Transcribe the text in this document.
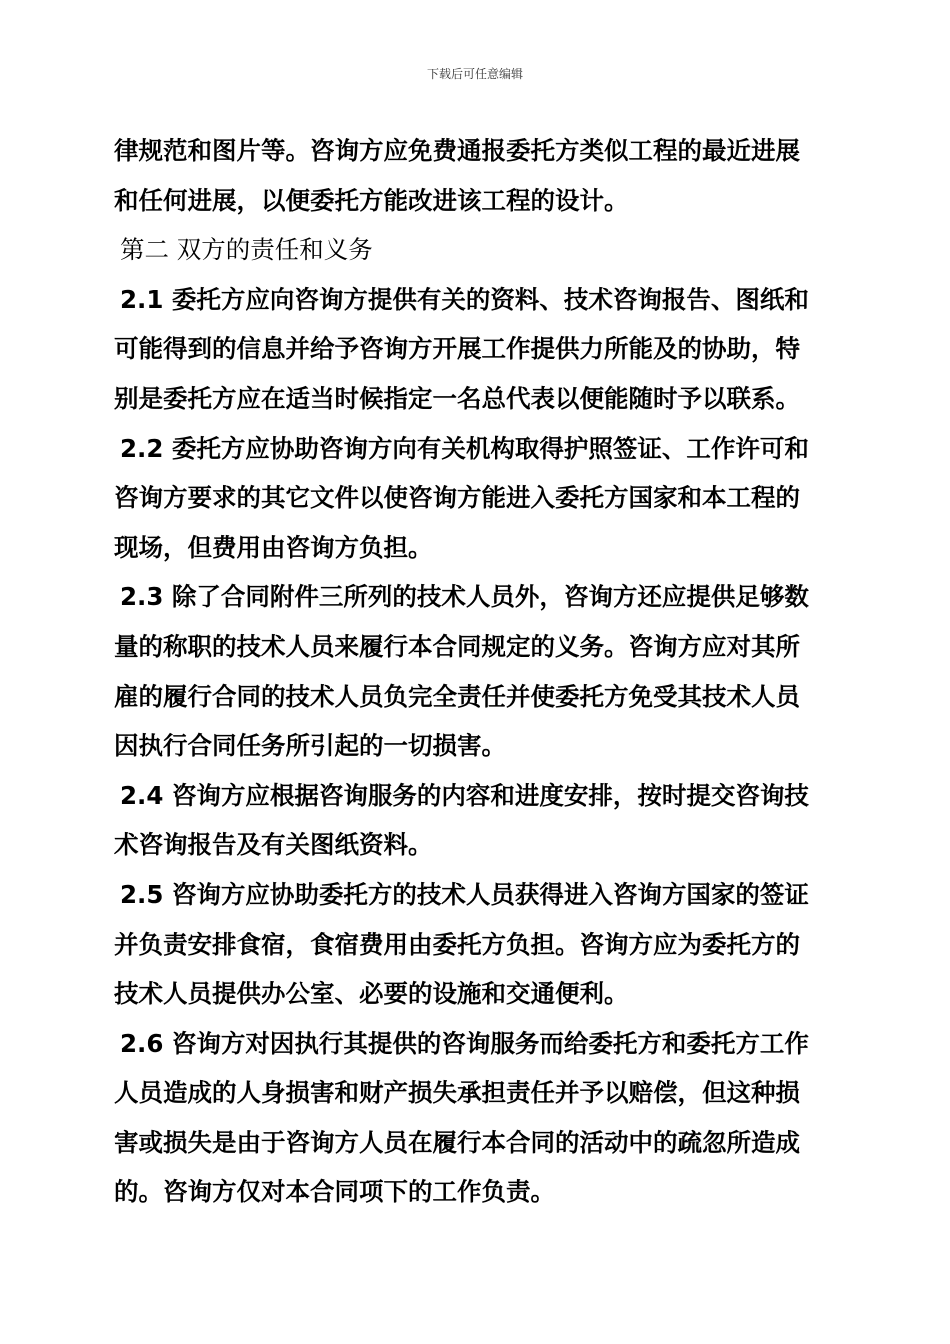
下载后可任意编辑
律规范和图片等。咨询方应免费通报委托方类似工程的最近进展
和任何进展，以便委托方能改进该工程的设计。
第二 双方的责任和义务
2.1 委托方应向咨询方提供有关的资料、技术咨询报告、图纸和
可能得到的信息并给予咨询方开展工作提供力所能及的协助，特
别是委托方应在适当时候指定一名总代表以便能随时予以联系。
2.2 委托方应协助咨询方向有关机构取得护照签证、工作许可和
咨询方要求的其它文件以使咨询方能进入委托方国家和本工程的
现场，但费用由咨询方负担。
2.3 除了合同附件三所列的技术人员外，咨询方还应提供足够数
量的称职的技术人员来履行本合同规定的义务。咨询方应对其所
雇的履行合同的技术人员负完全责任并使委托方免受其技术人员
因执行合同任务所引起的一切损害。
2.4 咨询方应根据咨询服务的内容和进度安排，按时提交咨询技
术咨询报告及有关图纸资料。
2.5 咨询方应协助委托方的技术人员获得进入咨询方国家的签证
并负责安排食宿，食宿费用由委托方负担。咨询方应为委托方的
技术人员提供办公室、必要的设施和交通便利。
2.6 咨询方对因执行其提供的咨询服务而给委托方和委托方工作
人员造成的人身损害和财产损失承担责任并予以赔偿，但这种损
害或损失是由于咨询方人员在履行本合同的活动中的疏忽所造成
的。咨询方仅对本合同项下的工作负责。
